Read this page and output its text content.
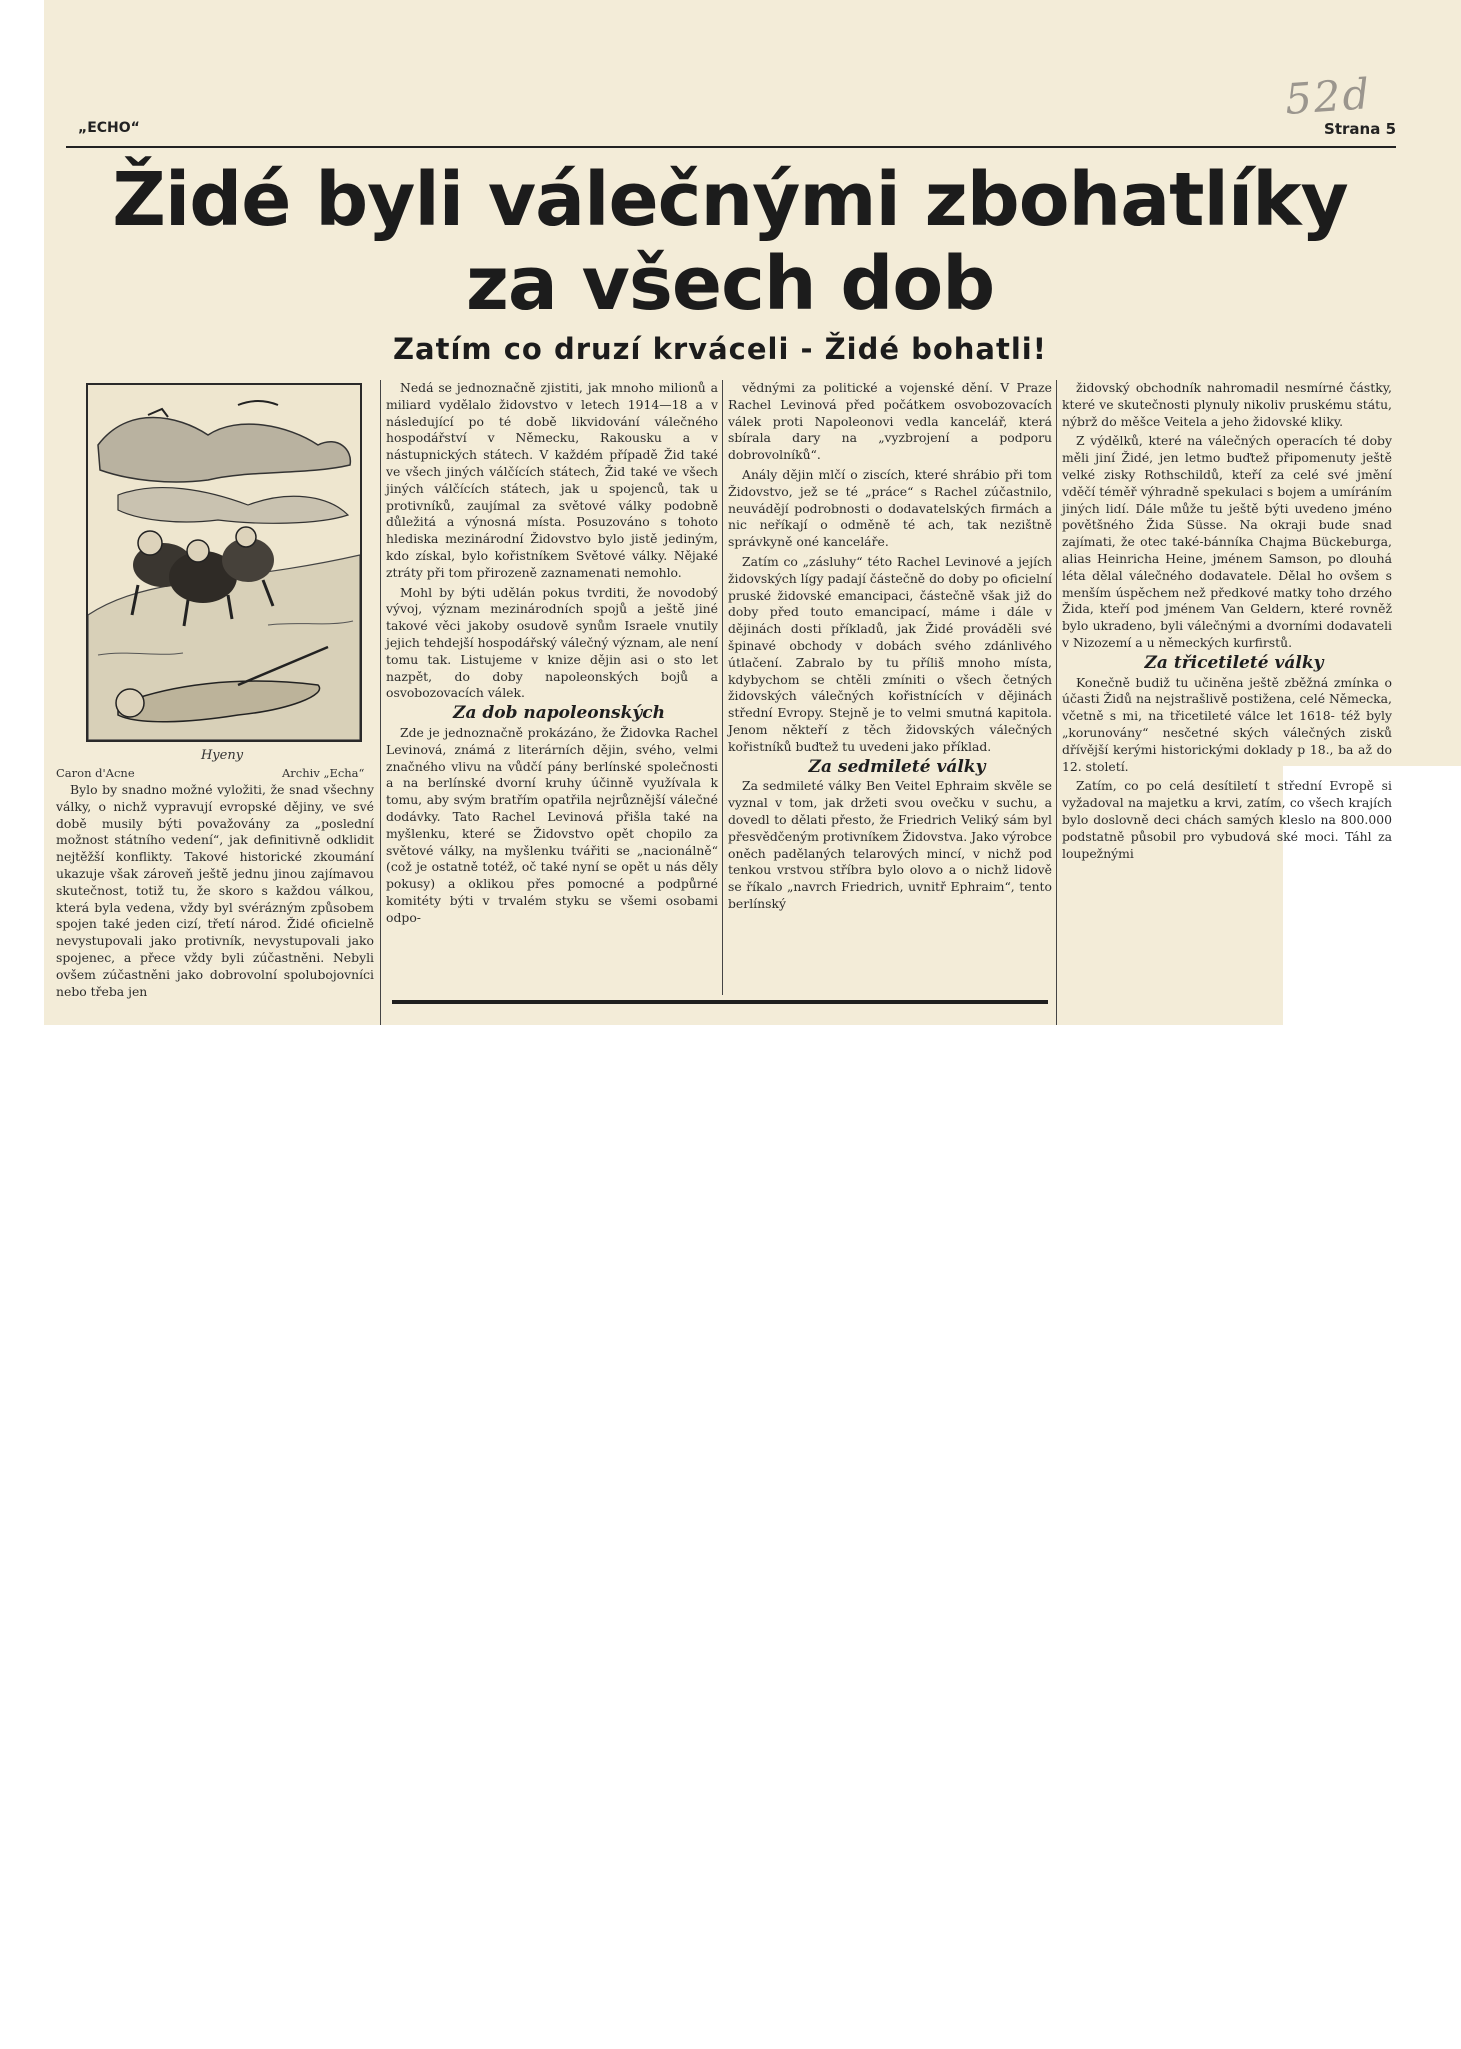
52d
„ECHO“	Strana 5
Židé byli válečnými zbohatlíky
za všech dob
Zatím co druzí krváceli - Židé bohatli!
Hyeny
Caron d'Acne	Archiv „Echa“

Bylo by snadno možné vyložiti, že snad všechny války, o nichž vypravují evropské dějiny, ve své době musily býti považovány za „poslední možnost státního vedení“, jak definitivně odklidit nejtěžší konflikty. Takové historické zkoumání ukazuje však zároveň ještě jednu jinou zajímavou skutečnost, totiž tu, že skoro s každou válkou, která byla vedena, vždy byl svérázným způsobem spojen také jeden cizí, třetí národ. Židé oficielně nevystupovali jako protivník, nevystupovali jako spojenec, a přece vždy byli zúčastněni. Nebyli ovšem zúčastněni jako dobrovolní spolubojovníci nebo třeba jen

Nedá se jednoznačně zjistiti, jak mnoho milionů a miliard vydělalo židovstvo v letech 1914—18 a v následující po té době likvidování válečného hospodářství v Německu, Rakousku a v nástupnických státech. V každém případě Žid také ve všech jiných válčících státech, Žid také ve všech jiných válčících státech, jak u spojenců, tak u protivníků, zaujímal za světové války podobně důležitá a výnosná místa. Posuzováno s tohoto hlediska mezinárodní Židovstvo bylo jistě jediným, kdo získal, bylo kořistníkem Světové války. Nějaké ztráty při tom přirozeně zaznamenati nemohlo.

Mohl by býti udělán pokus tvrditi, že novodobý vývoj, význam mezinárodních spojů a ještě jiné takové věci jakoby osudově synům Israele vnutily jejich tehdejší hospodářský válečný význam, ale není tomu tak. Listujeme v knize dějin asi o sto let nazpět, do doby napoleonských bojů a osvobozovacích válek.

Za dob napoleonských

Zde je jednoznačně prokázáno, že Židovka Rachel Levinová, známá z literárních dějin, svého, velmi značného vlivu na vůdčí pány berlínské společnosti a na berlínské dvorní kruhy účinně využívala k tomu, aby svým bratřím opatřila nejrůznější válečné dodávky. Tato Rachel Levinová přišla také na myšlenku, které se Židovstvo opět chopilo za světové války, na myšlenku tvářiti se „nacionálně“ (což je ostatně totéž, oč také nyní se opět u nás děly pokusy) a oklikou přes pomocné a podpůrné komitéty býti v trvalém styku se všemi osobami odpo-

vědnými za politické a vojenské dění. V Praze Rachel Levinová před počátkem osvobozovacích válek proti Napoleonovi vedla kancelář, která sbírala dary na „vyzbrojení a podporu dobrovolníků“.

Anály dějin mlčí o ziscích, které shrábio při tom Židovstvo, jež se té „práce“ s Rachel zúčastnilo, neuvádějí podrobnosti o dodavatelských firmách a nic neříkají o odměně té ach, tak nezištně správkyně oné kanceláře.

Zatím co „zásluhy“ této Rachel Levinové a jejích židovských lígy padají částečně do doby po oficielní pruské židovské emancipaci, částečně však již do doby před touto emancipací, máme i dále v dějinách dosti příkladů, jak Židé prováděli své špinavé obchody v dobách svého zdánlivého útlačení. Zabralo by tu příliš mnoho místa, kdybychom se chtěli zmíniti o všech četných židovských válečných kořistnících v dějinách střední Evropy. Stejně je to velmi smutná kapitola. Jenom někteří z těch židovských válečných kořistníků buďtež tu uvedeni jako příklad.

Za sedmileté války

Za sedmileté války Ben Veitel Ephraim skvěle se vyznal v tom, jak držeti svou ovečku v suchu, a dovedl to dělati přesto, že Friedrich Veliký sám byl přesvědčeným protivníkem Židovstva. Jako výrobce oněch padělaných telarových mincí, v nichž pod tenkou vrstvou stříbra bylo olovo a o nichž lidově se říkalo „navrch Friedrich, uvnitř Ephraim“, tento berlínský

židovský obchodník nahromadil nesmírné částky, které ve skutečnosti plynuly nikoliv pruskému státu, nýbrž do měšce Veitela a jeho židovské kliky.

Z výdělků, které na válečných operacích té doby měli jiní Židé, jen letmo buďtež připomenuty ještě velké zisky Rothschildů, kteří za celé své jmění vděčí téměř výhradně spekulaci s bojem a umíráním jiných lidí. Dále může tu ještě býti uvedeno jméno povětšného Žida Süsse. Na okraji bude snad zajímati, že otec také-bánníka Chajma Bückeburga, alias Heinricha Heine, jménem Samson, po dlouhá léta dělal válečného dodavatele. Dělal ho ovšem s menším úspěchem než předkové matky toho drzého Žida, kteří pod jménem Van Geldern, které rovněž bylo ukradeno, byli válečnými a dvorními dodavateli v Nizozemí a u německých kurfirstů.

Za třicetileté války

Konečně budiž tu učiněna ještě zběžná zmínka o účasti Židů na nejstrašlivě postižena, celé Německa, včetně s mi, na třicetileté válce let 1618- též byly „korunovány“ nesčetné ských válečných zisků dřívější kerými historickými doklady p 18., ba až do 12. století.

Zatím, co po celá desítiletí t střední Evropě si vyžadoval na majetku a krvi, zatím, co všech krajích bylo doslovně deci chách samých kleslo na 800.000 podstatně působil pro vybudová ské moci. Táhl za loupežnými
